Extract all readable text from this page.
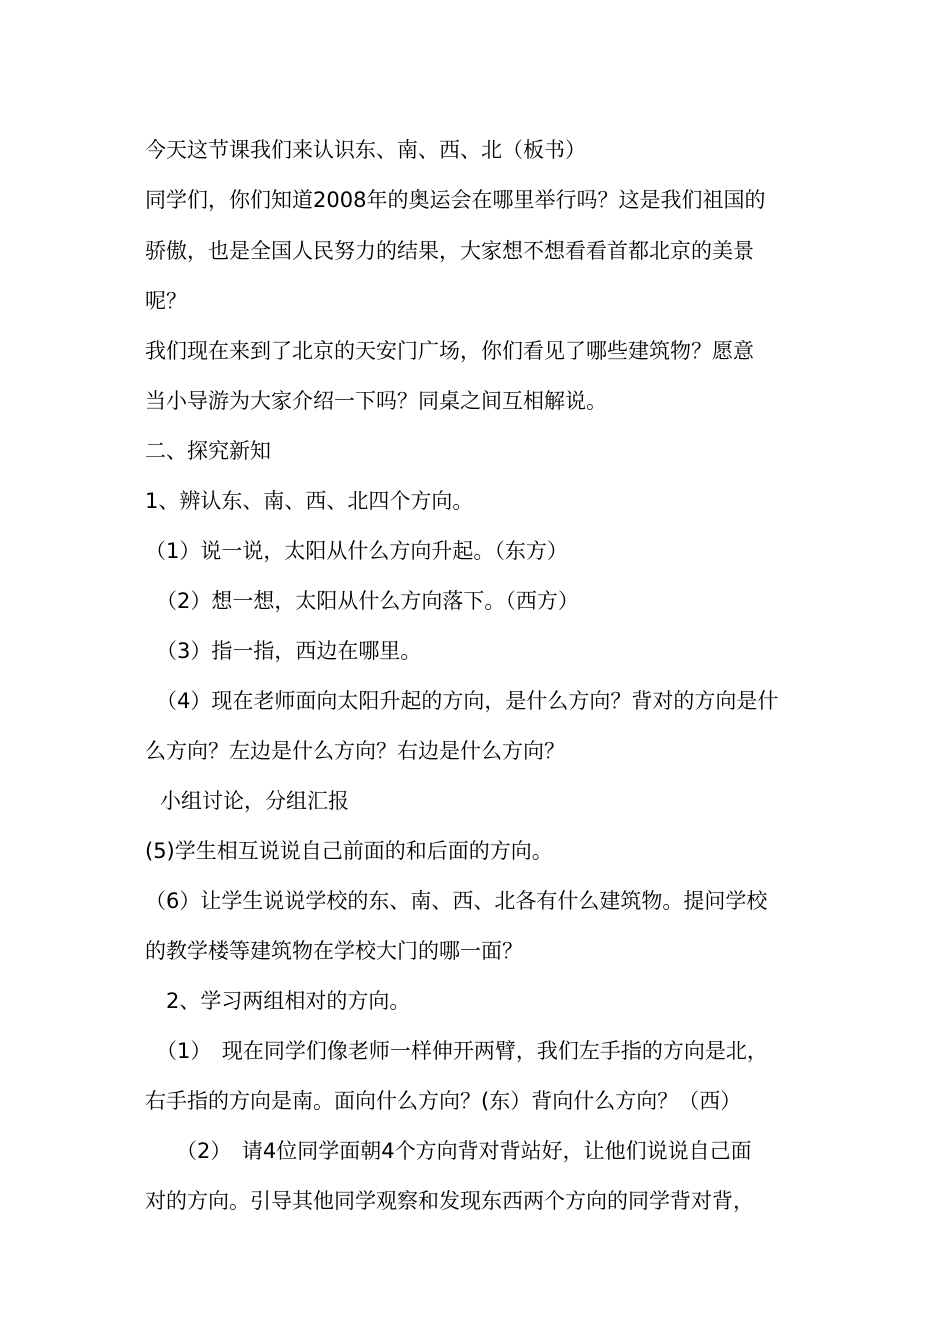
今天这节课我们来认识东、南、西、北（板书）
同学们，你们知道2008年的奥运会在哪里举行吗？这是我们祖国的
骄傲，也是全国人民努力的结果，大家想不想看看首都北京的美景
呢？
我们现在来到了北京的天安门广场，你们看见了哪些建筑物？愿意
当小导游为大家介绍一下吗？同桌之间互相解说。
二、探究新知
1、辨认东、南、西、北四个方向。
（1）说一说，太阳从什么方向升起。（东方）
（2）想一想，太阳从什么方向落下。（西方）
（3）指一指，西边在哪里。
（4）现在老师面向太阳升起的方向，是什么方向？背对的方向是什
么方向？左边是什么方向？右边是什么方向？
小组讨论，分组汇报
(5)学生相互说说自己前面的和后面的方向。
（6）让学生说说学校的东、南、西、北各有什么建筑物。提问学校
的教学楼等建筑物在学校大门的哪一面？
2、学习两组相对的方向。
（1）　现在同学们像老师一样伸开两臂，我们左手指的方向是北，
右手指的方向是南。面向什么方向？(东）背向什么方向？（西）
（2）　请4位同学面朝4个方向背对背站好，让他们说说自己面
对的方向。引导其他同学观察和发现东西两个方向的同学背对背，
